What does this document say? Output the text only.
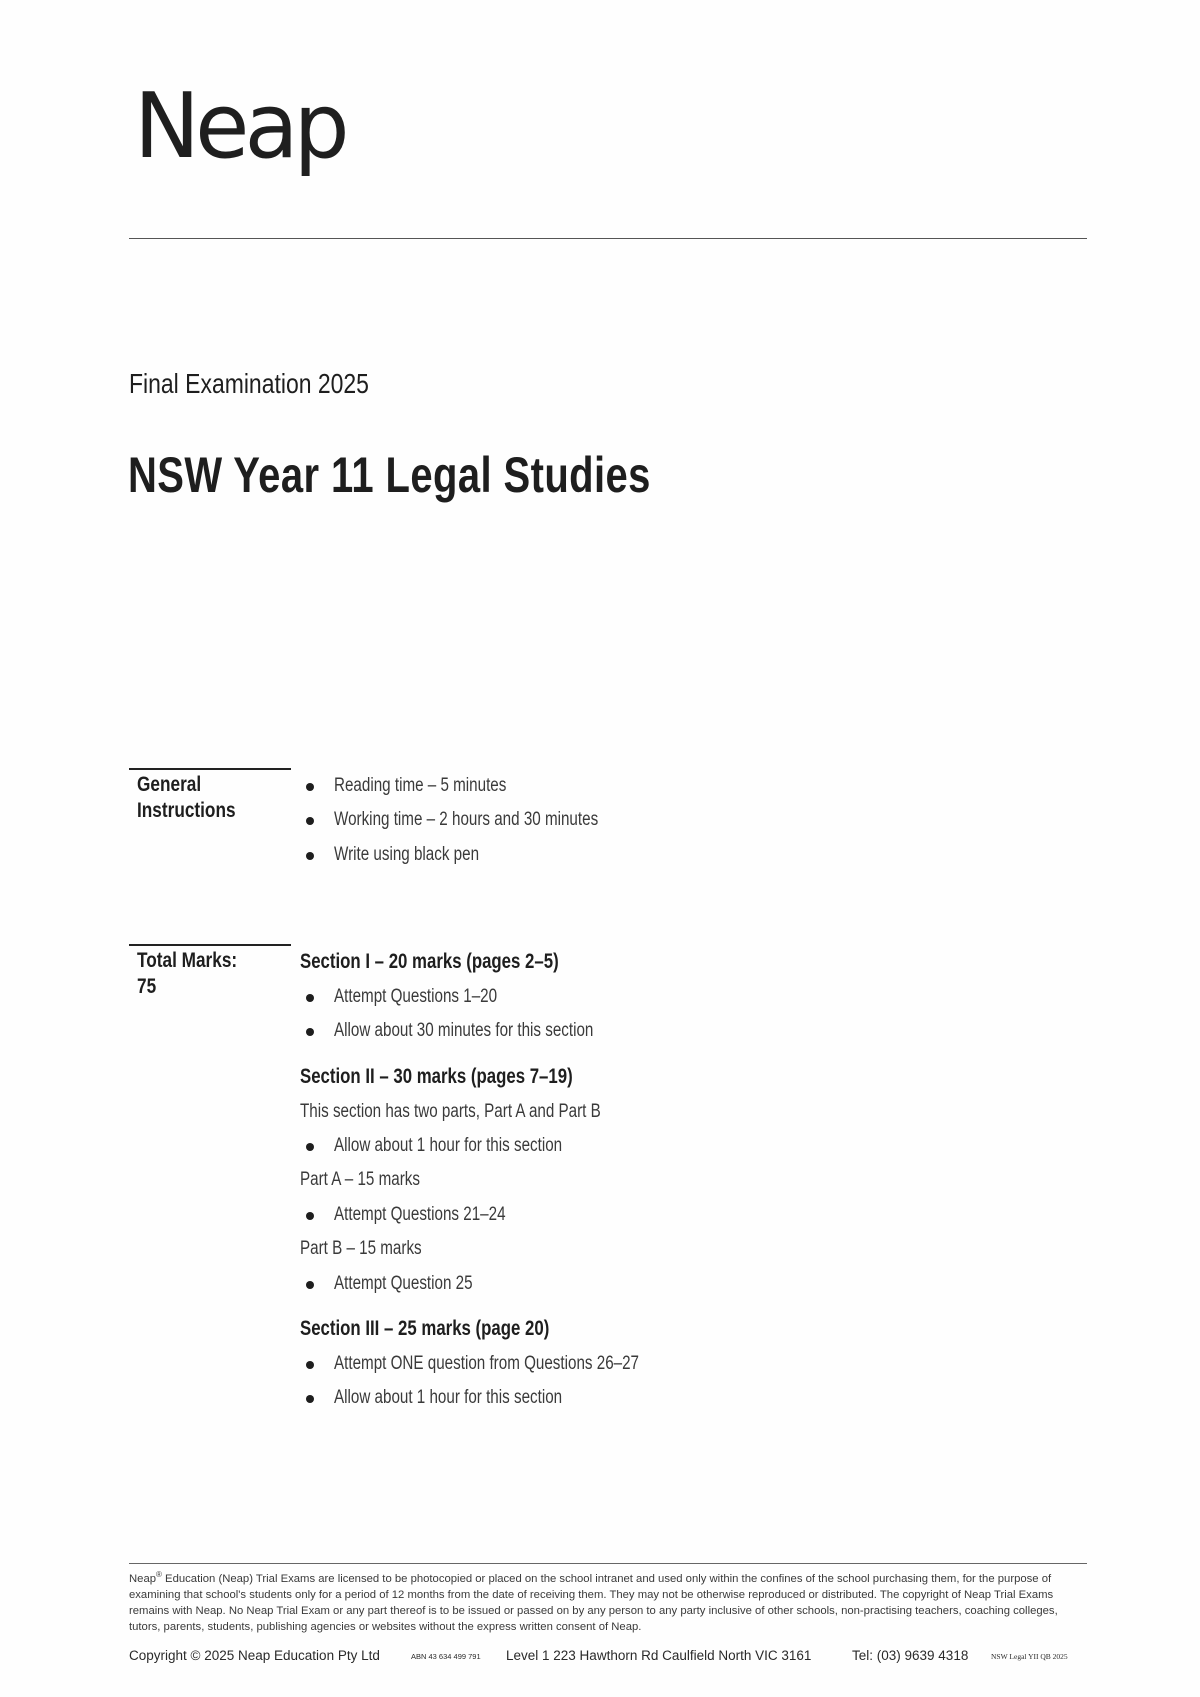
Neap
Final Examination 2025
NSW Year 11 Legal Studies
General
Instructions
Reading time – 5 minutes
Working time – 2 hours and 30 minutes
Write using black pen
Total Marks:
75
Section I – 20 marks (pages 2–5)
Attempt Questions 1–20
Allow about 30 minutes for this section
Section II – 30 marks (pages 7–19)
This section has two parts, Part A and Part B
Allow about 1 hour for this section
Part A – 15 marks
Attempt Questions 21–24
Part B – 15 marks
Attempt Question 25
Section III – 25 marks (page 20)
Attempt ONE question from Questions 26–27
Allow about 1 hour for this section
Neap® Education (Neap) Trial Exams are licensed to be photocopied or placed on the school intranet and used only within the confines of the school purchasing them, for the purpose of examining that school's students only for a period of 12 months from the date of receiving them. They may not be otherwise reproduced or distributed. The copyright of Neap Trial Exams remains with Neap. No Neap Trial Exam or any part thereof is to be issued or passed on by any person to any party inclusive of other schools, non-practising teachers, coaching colleges, tutors, parents, students, publishing agencies or websites without the express written consent of Neap.
Copyright © 2025 Neap Education Pty Ltd	ABN 43 634 499 791 Level 1 223 Hawthorn Rd Caulfield North VIC 3161	Tel: (03) 9639 4318	NSW Legal YII QB 2025
